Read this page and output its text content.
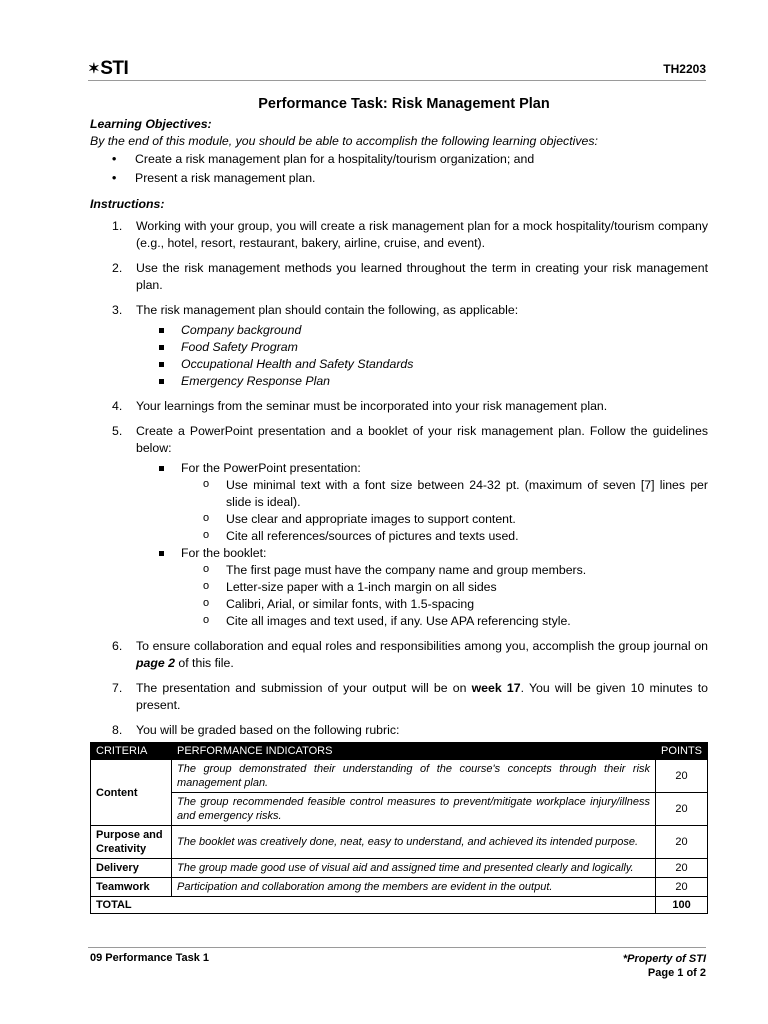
✶ STI	TH2203
Performance Task: Risk Management Plan
Learning Objectives:
By the end of this module, you should be able to accomplish the following learning objectives:
• Create a risk management plan for a hospitality/tourism organization; and
• Present a risk management plan.
Instructions:
1. Working with your group, you will create a risk management plan for a mock hospitality/tourism company (e.g., hotel, resort, restaurant, bakery, airline, cruise, and event).
2. Use the risk management methods you learned throughout the term in creating your risk management plan.
3. The risk management plan should contain the following, as applicable:
Company background
Food Safety Program
Occupational Health and Safety Standards
Emergency Response Plan
4. Your learnings from the seminar must be incorporated into your risk management plan.
5. Create a PowerPoint presentation and a booklet of your risk management plan. Follow the guidelines below:
For the PowerPoint presentation:
o Use minimal text with a font size between 24-32 pt. (maximum of seven [7] lines per slide is ideal).
o Use clear and appropriate images to support content.
o Cite all references/sources of pictures and texts used.
For the booklet:
o The first page must have the company name and group members.
o Letter-size paper with a 1-inch margin on all sides
o Calibri, Arial, or similar fonts, with 1.5-spacing
o Cite all images and text used, if any. Use APA referencing style.
6. To ensure collaboration and equal roles and responsibilities among you, accomplish the group journal on page 2 of this file.
7. The presentation and submission of your output will be on week 17. You will be given 10 minutes to present.
8. You will be graded based on the following rubric:
CRITERIA	PERFORMANCE INDICATORS	POINTS
Content	The group demonstrated their understanding of the course's concepts through their risk management plan.	20
	The group recommended feasible control measures to prevent/mitigate workplace injury/illness and emergency risks.	20
Purpose and Creativity	The booklet was creatively done, neat, easy to understand, and achieved its intended purpose.	20
Delivery	The group made good use of visual aid and assigned time and presented clearly and logically.	20
Teamwork	Participation and collaboration among the members are evident in the output.	20
TOTAL		100
09 Performance Task 1	*Property of STI
Page 1 of 2
